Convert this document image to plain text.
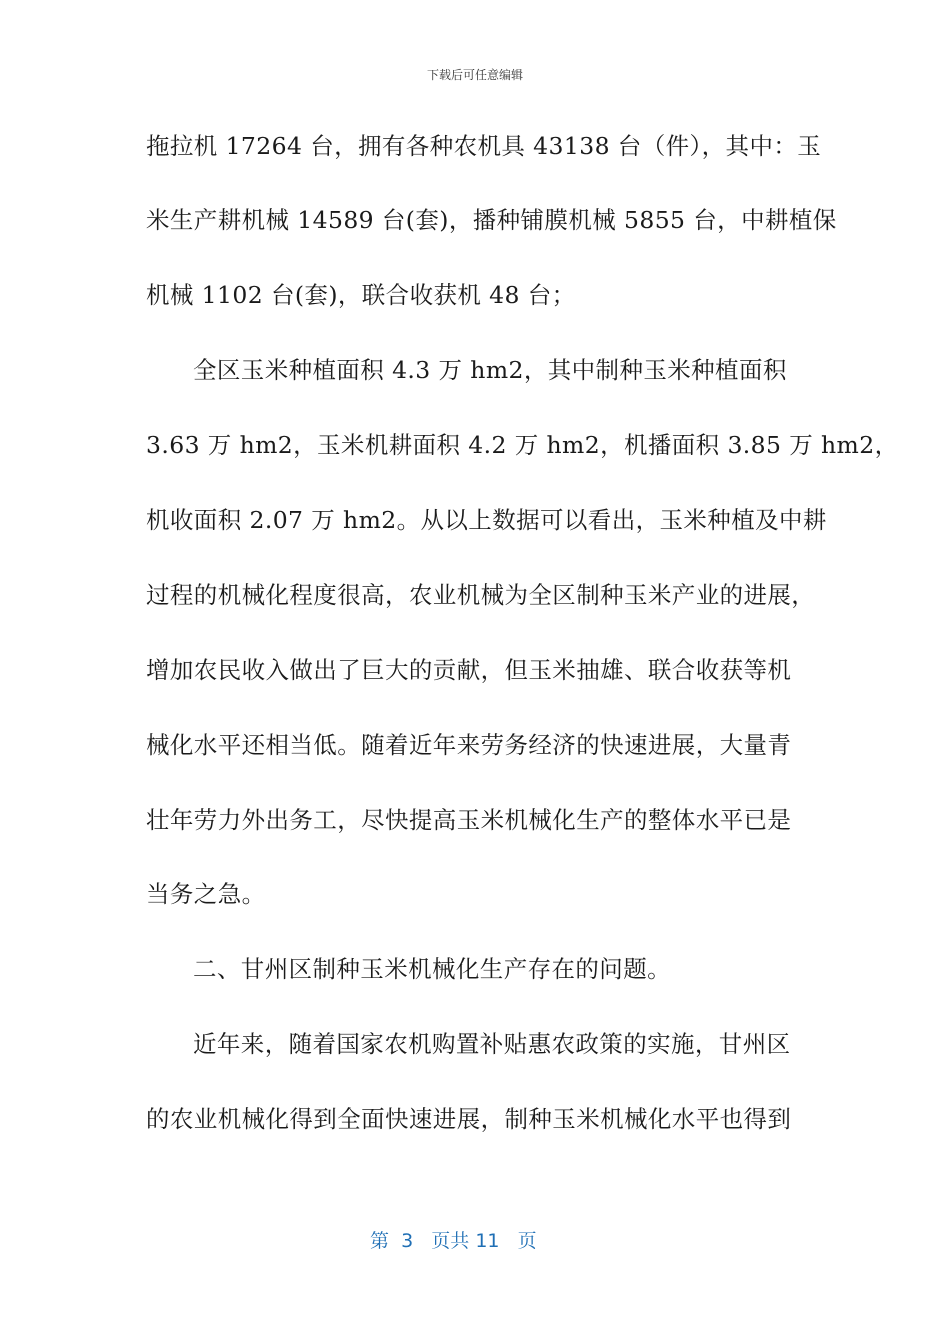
下载后可任意编辑
拖拉机 17264 台，拥有各种农机具 43138 台（件），其中：玉
米生产耕机械 14589 台(套)，播种铺膜机械 5855 台，中耕植保
机械 1102 台(套)，联合收获机 48 台；
全区玉米种植面积 4.3 万 hm2，其中制种玉米种植面积
3.63 万 hm2，玉米机耕面积 4.2 万 hm2，机播面积 3.85 万 hm2，
机收面积 2.07 万 hm2。从以上数据可以看出，玉米种植及中耕
过程的机械化程度很高，农业机械为全区制种玉米产业的进展，
增加农民收入做出了巨大的贡献，但玉米抽雄、联合收获等机
械化水平还相当低。随着近年来劳务经济的快速进展，大量青
壮年劳力外出务工，尽快提高玉米机械化生产的整体水平已是
当务之急。
二、甘州区制种玉米机械化生产存在的问题。
近年来，随着国家农机购置补贴惠农政策的实施，甘州区
的农业机械化得到全面快速进展，制种玉米机械化水平也得到
第  3   页共 11   页
